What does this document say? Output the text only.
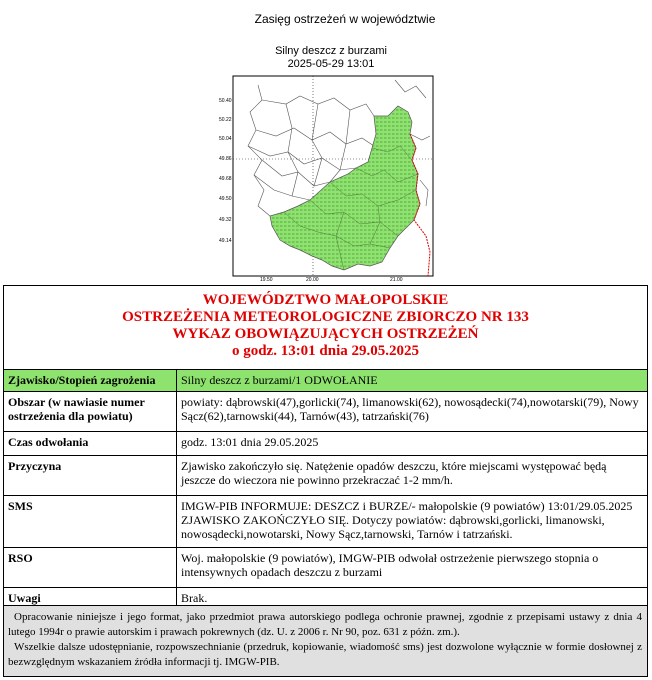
Zasięg ostrzeżeń w województwie
Silny deszcz z burzami
2025-05-29 13:01
50.40
50.22
50.04
49.86
49.68
49.50
49.32
49.14
19.50	20.00	21.00
WOJEWÓDZTWO MAŁOPOLSKIE
OSTRZEŻENIA METEOROLOGICZNE ZBIORCZO NR 133
WYKAZ OBOWIĄZUJĄCYCH OSTRZEŻEŃ
o godz. 13:01 dnia 29.05.2025
Zjawisko/Stopień zagrożenia	Silny deszcz z burzami/1 ODWOŁANIE
Obszar (w nawiasie numer ostrzeżenia dla powiatu)	powiaty: dąbrowski(47),gorlicki(74), limanowski(62), nowosądecki(74),nowotarski(79), Nowy Sącz(62),tarnowski(44), Tarnów(43), tatrzański(76)
Czas odwołania	godz. 13:01 dnia 29.05.2025
Przyczyna	Zjawisko zakończyło się. Natężenie opadów deszczu, które miejscami występować będą jeszcze do wieczora nie powinno przekraczać 1-2 mm/h.
SMS	IMGW-PIB INFORMUJE: DESZCZ i BURZE/- małopolskie (9 powiatów) 13:01/29.05.2025 ZJAWISKO ZAKOŃCZYŁO SIĘ. Dotyczy powiatów: dąbrowski,gorlicki, limanowski, nowosądecki,nowotarski, Nowy Sącz,tarnowski, Tarnów i tatrzański.
RSO	Woj. małopolskie (9 powiatów), IMGW-PIB odwołał ostrzeżenie pierwszego stopnia o intensywnych opadach deszczu z burzami
Uwagi	Brak.
Opracowanie niniejsze i jego format, jako przedmiot prawa autorskiego podlega ochronie prawnej, zgodnie z przepisami ustawy z dnia 4 lutego 1994r o prawie autorskim i prawach pokrewnych (dz. U. z 2006 r. Nr 90, poz. 631 z późn. zm.).
Wszelkie dalsze udostępnianie, rozpowszechnianie (przedruk, kopiowanie, wiadomość sms) jest dozwolone wyłącznie w formie dosłownej z bezwzględnym wskazaniem źródła informacji tj. IMGW-PIB.
